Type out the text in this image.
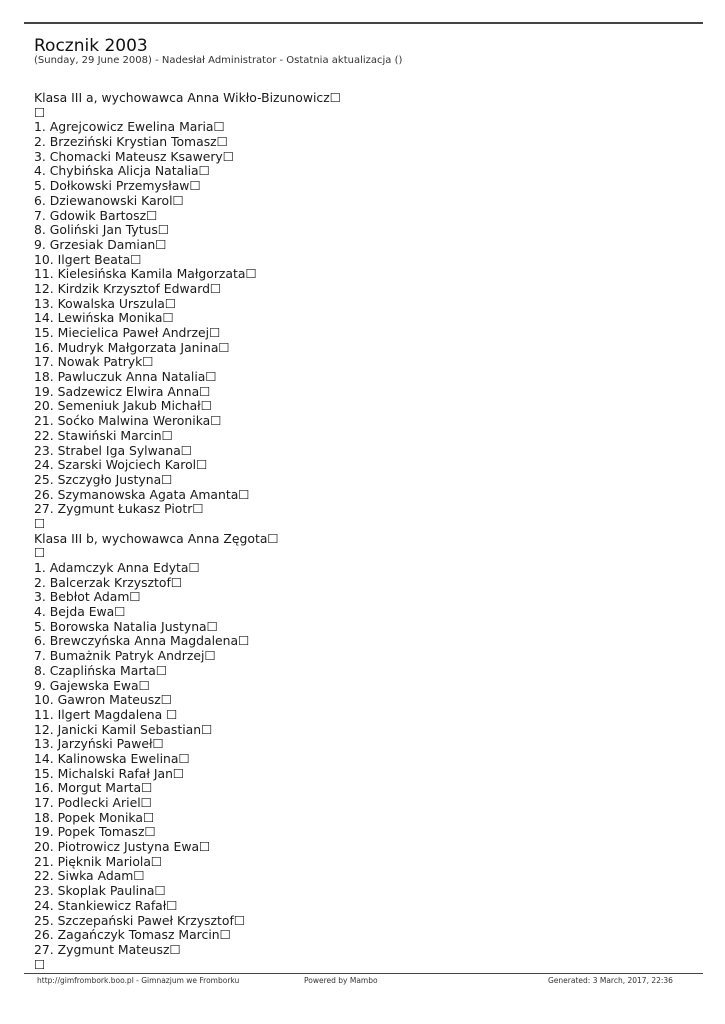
Rocznik 2003
(Sunday, 29 June 2008) - Nadesłał Administrator - Ostatnia aktualizacja ()
Klasa III a, wychowawca Anna Wikło-Bizunowicz☐
☐
1. Agrejcowicz Ewelina Maria☐
2. Brzeziński Krystian Tomasz☐
3. Chomacki Mateusz Ksawery☐
4. Chybińska Alicja Natalia☐
5. Dołkowski Przemysław☐
6. Dziewanowski Karol☐
7. Gdowik Bartosz☐
8. Goliński Jan Tytus☐
9. Grzesiak Damian☐
10. Ilgert Beata☐
11. Kielesińska Kamila Małgorzata☐
12. Kirdzik Krzysztof Edward☐
13. Kowalska Urszula☐
14. Lewińska Monika☐
15. Miecielica Paweł Andrzej☐
16. Mudryk Małgorzata Janina☐
17. Nowak Patryk☐
18. Pawluczuk Anna Natalia☐
19. Sadzewicz Elwira Anna☐
20. Semeniuk Jakub Michał☐
21. Soćko Malwina Weronika☐
22. Stawiński Marcin☐
23. Strabel Iga Sylwana☐
24. Szarski Wojciech Karol☐
25. Szczygło Justyna☐
26. Szymanowska Agata Amanta☐
27. Zygmunt Łukasz Piotr☐
☐
Klasa III b, wychowawca Anna Zęgota☐
☐
1. Adamczyk Anna Edyta☐
2. Balcerzak Krzysztof☐
3. Bebłot Adam☐
4. Bejda Ewa☐
5. Borowska Natalia Justyna☐
6. Brewczyńska Anna Magdalena☐
7. Bumażnik Patryk Andrzej☐
8. Czaplińska Marta☐
9. Gajewska Ewa☐
10. Gawron Mateusz☐
11. Ilgert Magdalena ☐
12. Janicki Kamil Sebastian☐
13. Jarzyński Paweł☐
14. Kalinowska Ewelina☐
15. Michalski Rafał Jan☐
16. Morgut Marta☐
17. Podlecki Ariel☐
18. Popek Monika☐
19. Popek Tomasz☐
20. Piotrowicz Justyna Ewa☐
21. Pięknik Mariola☐
22. Siwka Adam☐
23. Skoplak Paulina☐
24. Stankiewicz Rafał☐
25. Szczepański Paweł Krzysztof☐
26. Zagańczyk Tomasz Marcin☐
27. Zygmunt Mateusz☐
☐
http://gimfrombork.boo.pl - Gimnazjum we Fromborku	Powered by Mambo	Generated: 3 March, 2017, 22:36
